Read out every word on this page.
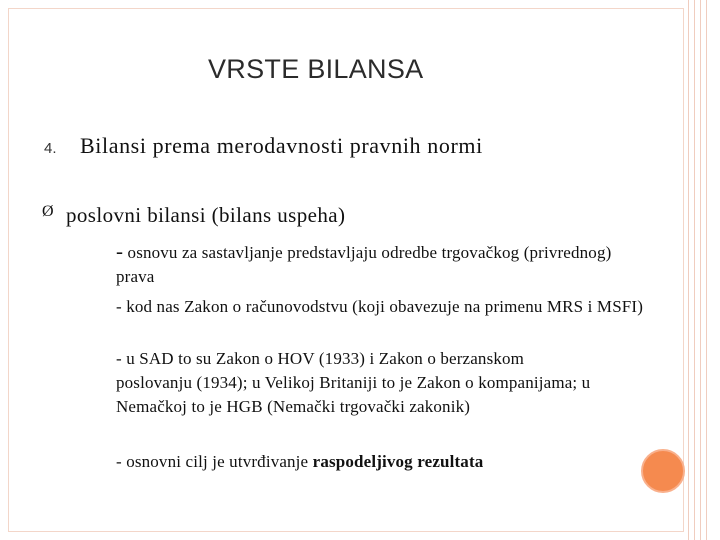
VRSTE BILANSA
4. Bilansi prema merodavnosti pravnih normi
Ø poslovni bilansi (bilans uspeha)
- osnovu za sastavljanje predstavljaju odredbe trgovačkog (privrednog) prava
- kod nas Zakon o računovodstvu (koji obavezuje na primenu MRS i MSFI)
- u SAD to su Zakon o HOV (1933) i Zakon o berzanskom poslovanju (1934); u Velikoj Britaniji to je Zakon o kompanijama; u Nemačkoj to je HGB (Nemački trgovački zakonik)
- osnovni cilj je utvrđivanje raspodeljivog rezultata
